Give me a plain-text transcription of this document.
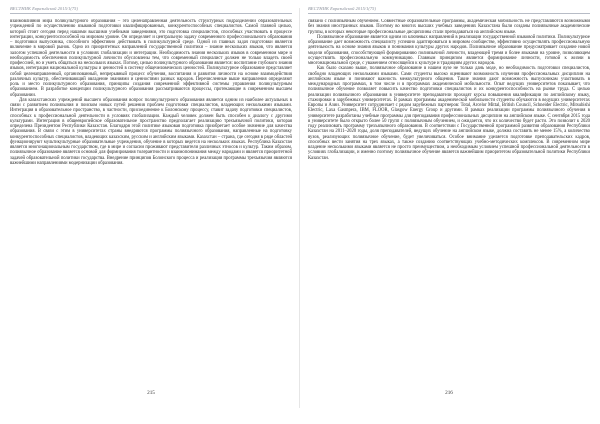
ВЕСТНИК Евразийской 2015/1(75)

взаимовлияния мира поликультурного образования – это целенаправленная деятельность структурных подразделений образовательных учреждений по осуществлению языковой подготовки квалифицированных, конкурентоспособных специалистов. Самой главной целью, которой стоит сегодня перед нашими высшими учебными заведениями, это подготовка специалистов, способных участвовать в процессе интеграции, конкурентоспособной на мировом уровне. Он определяет и центральную задачу современного профессионального образования – подготовки выпускника, способного эффективно действовать в поликультурной среде. Одной из главных задач подготовки является включение в мировой рынок. Одно из приоритетных направлений государственной политики – знание нескольких языков, что является залогом успешной деятельности в условиях глобализации и интеграции. Необходимость знания нескольких языков в современном мире и необходимость обеспечения поликультурной личности обусловлены тем, что современный специалист должен не только владеть своей профессией, но и уметь общаться на нескольких языках. Потому, целью поликультурного образования является: воспитание глубокого знания языков, интеграция национальной культуры и ценностей в систему общечеловеческих ценностей. Поликультурное образование представляет собой целенаправленный, организованный, непрерывный процесс обучения, воспитания и развития личности на основе взаимодействия различных культур, обеспечивающий овладение знаниями и ценностями разных народов. Перечисленные выше направления определяют роль и место поликультурного образования, принципы создания современной эффективной системы управления поликультурным образованием. В разработке концепции поликультурного образования рассматриваются процессы, протекающие в современном высшем образовании.

Для казахстанских учреждений высшего образования вопрос поликультурного образования является одним из наиболее актуальных в связи с развитием полиязычия и поиском новых путей решения проблем подготовки специалистов, владеющих несколькими языками. Интеграция в образовательное пространство, в частности, присоединение к Болонскому процессу, ставит задачу подготовки специалистов, способных к профессиональной деятельности в условиях глобализации. Каждый человек должен быть способен к диалогу с другими культурами. Интеграция в общеевропейское образовательное пространство предполагает реализацию трехъязычной политики, которая определена Президентом Республики Казахстан. Благодаря этой политике языковая подготовка приобретает особое значение для качества образования. В связи с этим в университетах страны внедряются программы полиязычного образования, направленные на подготовку конкурентоспособных специалистов, владеющих казахским, русским и английским языками. Казахстан – страна, где сегодня в ряде областей функционируют мультикультурные образовательные учреждения, обучение в которых ведется на нескольких языках. Республика Казахстан является многонациональным государством, где в мире и согласии проживают представители различных этносов и культур. Таким образом, полиязычное образование является основой для формирования толерантности и взаимопонимания между народами и является приоритетной задачей образовательной политики государства. Внедрение принципов Болонского процесса и реализация программы трехъязычия являются важнейшими направлениями модернизации образования.

215
ВЕСТНИК Евразийской 2015/1(75)

связано с полиязычным обучением. Совместные образовательные программы, академическая мобильность не представляются возможными без знания иностранных языков. Поэтому во многих высших учебных заведениях Казахстана были созданы полиязычные академические группы, в которых некоторые профессиональные дисциплины стали преподаваться на английском языке.

Полиязычное образование является одним из ключевых направлений в реализации государственной языковой политики. Поликультурное образование дает возможность специалисту успешно адаптироваться в мировом сообществе, эффективно осуществлять профессиональную деятельность на основе знания языков и понимания культуры других народов. Полиязычное образование предусматривает создание новой модели образования, способствующей формированию полиязычной личности, владеющей тремя и более языками на уровне, позволяющем осуществлять профессиональную коммуникацию. Главным принципом является формирование личности, готовой к жизни в многонациональной среде, с уважением относящейся к культуре и традициям других народов.

Как было сказано выше, полиязычное образование в нашем вузе не только дань моде, но необходимость подготовки специалистов, свободно владеющих несколькими языками. Сами студенты высоко оценивают возможность изучения профессиональных дисциплин на английском языке и понимают важность межкультурного общения. Такие знания дают возможность выпускникам участвовать в международных программах, в том числе и в программах академической мобильности. Опыт ведущих университетов показывает, что полиязычное обучение позволяет повысить качество подготовки специалистов и их конкурентоспособность на рынке труда. С целью реализации полиязычного образования в университете преподаватели проходят курсы повышения квалификации по английскому языку, стажировки в зарубежных университетах. В рамках программы академической мобильности студенты обучаются в ведущих университетах Европы и Азии. Университет сотрудничает с рядом зарубежных партнеров: Total, Arcelor Mittal, British Council, Schneider Electric, Mitsubishi Electric, Laxa Gasmpera, IBM, FLOOR, Glasgow Energy Group и другими. В рамках реализации программы полиязычного обучения в университете разработаны учебные программы для преподавания профессиональных дисциплин на английском языке. С сентября 2015 года в университете было открыто более 50 групп с полиязычным обучением, и ожидается, что их количество будет расти. Это позволит к 2020 году реализовать программу трехъязычного образования. В соответствии с Государственной программой развития образования Республики Казахстан на 2011–2020 годы, доля преподавателей, ведущих обучение на английском языке, должна составить не менее 15%, а количество вузов, реализующих полиязычное обучение, будет увеличиваться. Особое внимание уделяется подготовке преподавательских кадров, способных вести занятия на трех языках, а также созданию соответствующих учебно-методических комплексов. В современном мире владение несколькими языками является не просто преимуществом, а необходимым условием успешной профессиональной деятельности в условиях глобализации, и именно поэтому полиязычное обучение является важнейшим приоритетом образовательной политики Республики Казахстан.

216
